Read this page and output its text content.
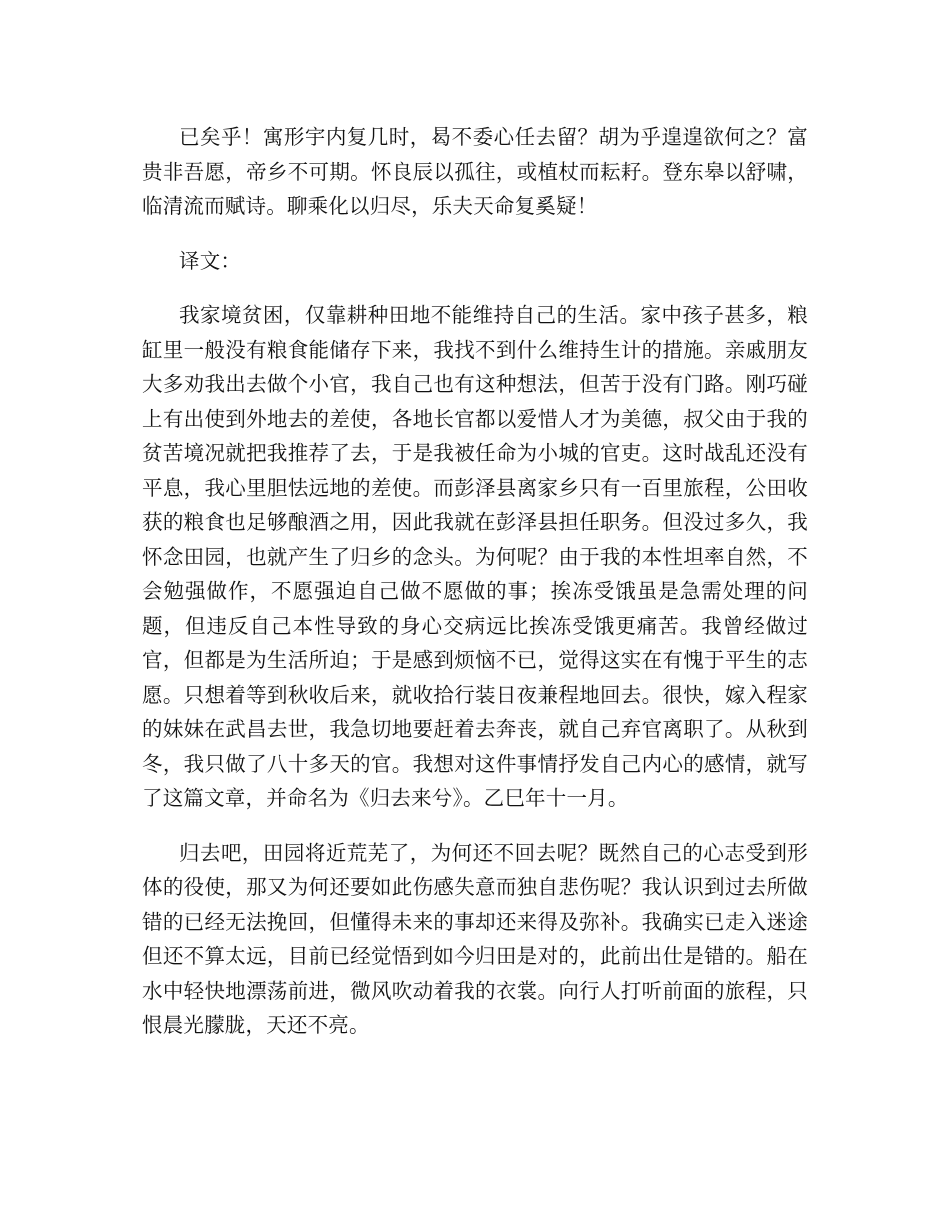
已矣乎！寓形宇内复几时，曷不委心任去留？胡为乎遑遑欲何之？富贵非吾愿，帝乡不可期。怀良辰以孤往，或植杖而耘耔。登东皋以舒啸，临清流而赋诗。聊乘化以归尽，乐夫天命复奚疑！

译文：

我家境贫困，仅靠耕种田地不能维持自己的生活。家中孩子甚多，粮缸里一般没有粮食能储存下来，我找不到什么维持生计的措施。亲戚朋友大多劝我出去做个小官，我自己也有这种想法，但苦于没有门路。刚巧碰上有出使到外地去的差使，各地长官都以爱惜人才为美德，叔父由于我的贫苦境况就把我推荐了去，于是我被任命为小城的官吏。这时战乱还没有平息，我心里胆怯远地的差使。而彭泽县离家乡只有一百里旅程，公田收获的粮食也足够酿酒之用，因此我就在彭泽县担任职务。但没过多久，我怀念田园，也就产生了归乡的念头。为何呢？由于我的本性坦率自然，不会勉强做作，不愿强迫自己做不愿做的事；挨冻受饿虽是急需处理的问题，但违反自己本性导致的身心交病远比挨冻受饿更痛苦。我曾经做过官，但都是为生活所迫；于是感到烦恼不已，觉得这实在有愧于平生的志愿。只想着等到秋收后来，就收拾行装日夜兼程地回去。很快，嫁入程家的妹妹在武昌去世，我急切地要赶着去奔丧，就自己弃官离职了。从秋到冬，我只做了八十多天的官。我想对这件事情抒发自己内心的感情，就写了这篇文章，并命名为《归去来兮》。乙巳年十一月。

归去吧，田园将近荒芜了，为何还不回去呢？既然自己的心志受到形体的役使，那又为何还要如此伤感失意而独自悲伤呢？我认识到过去所做错的已经无法挽回，但懂得未来的事却还来得及弥补。我确实已走入迷途但还不算太远，目前已经觉悟到如今归田是对的，此前出仕是错的。船在水中轻快地漂荡前进，微风吹动着我的衣裳。向行人打听前面的旅程，只恨晨光朦胧，天还不亮。
